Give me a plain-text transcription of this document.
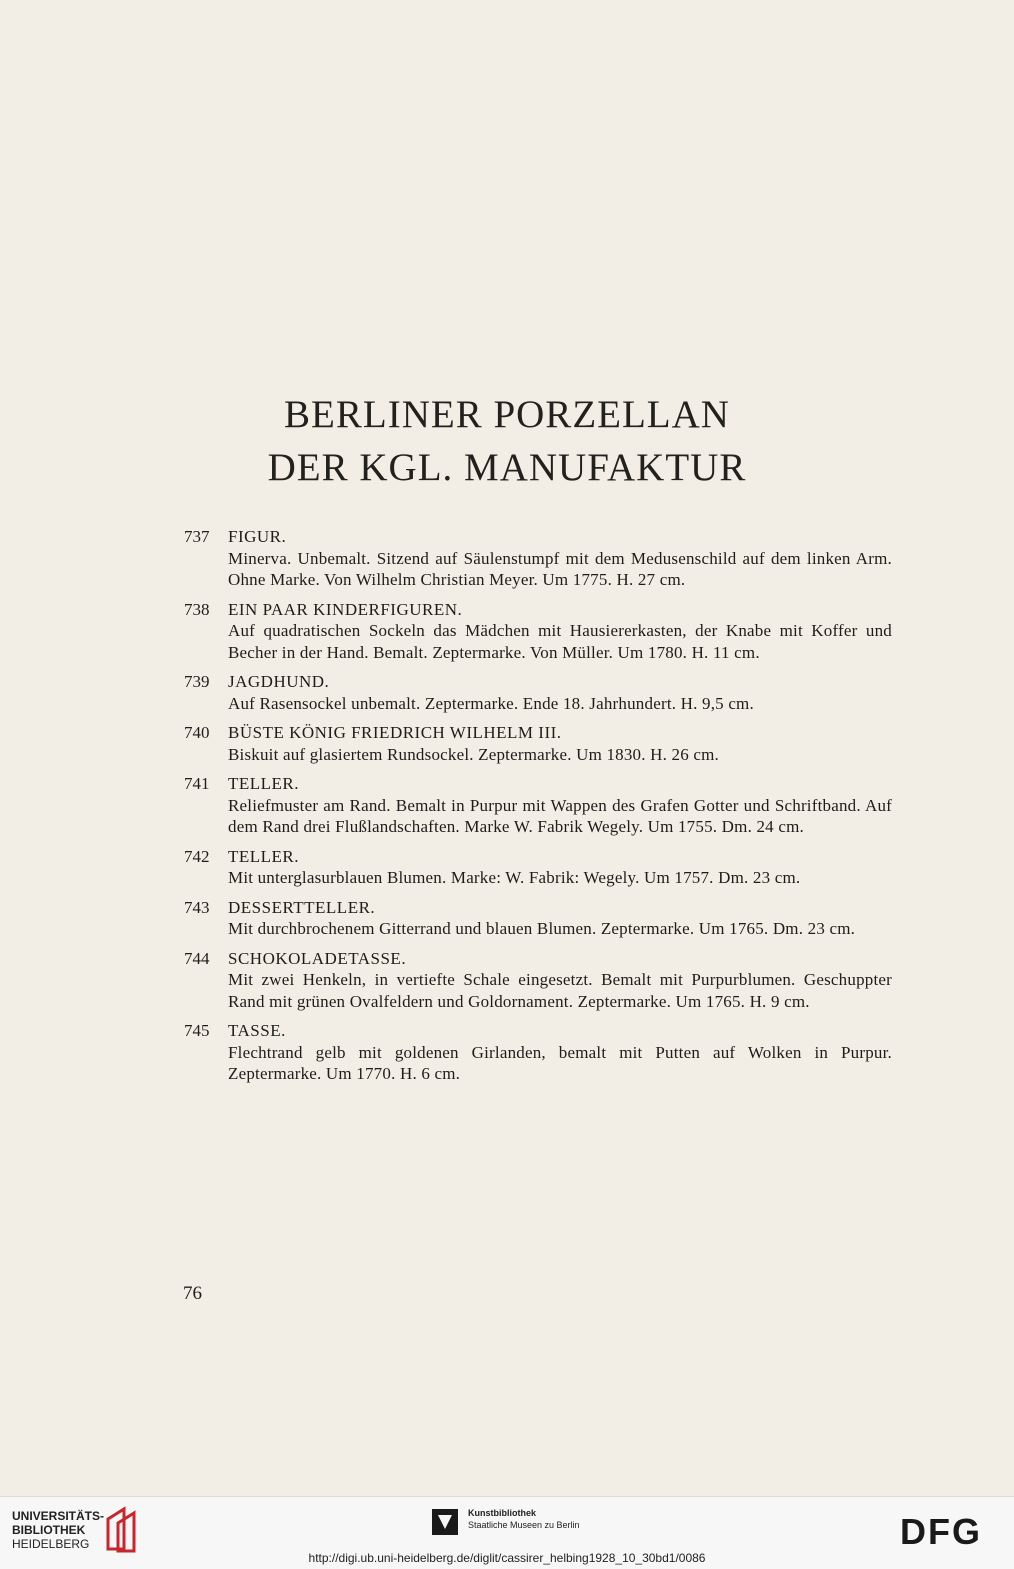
BERLINER PORZELLAN
DER KGL. MANUFAKTUR
737 FIGUR.
Minerva. Unbemalt. Sitzend auf Säulenstumpf mit dem Medusenschild auf dem linken Arm. Ohne Marke. Von Wilhelm Christian Meyer. Um 1775. H. 27 cm.
738 EIN PAAR KINDERFIGUREN.
Auf quadratischen Sockeln das Mädchen mit Hausiererkasten, der Knabe mit Koffer und Becher in der Hand. Bemalt. Zeptermarke. Von Müller. Um 1780. H. 11 cm.
739 JAGDHUND.
Auf Rasensockel unbemalt. Zeptermarke. Ende 18. Jahrhundert. H. 9,5 cm.
740 BÜSTE KÖNIG FRIEDRICH WILHELM III.
Biskuit auf glasiertem Rundsockel. Zeptermarke. Um 1830. H. 26 cm.
741 TELLER.
Reliefmuster am Rand. Bemalt in Purpur mit Wappen des Grafen Gotter und Schriftband. Auf dem Rand drei Flußlandschaften. Marke W. Fabrik Wegely. Um 1755. Dm. 24 cm.
742 TELLER.
Mit unterglasurblauen Blumen. Marke: W. Fabrik: Wegely. Um 1757. Dm. 23 cm.
743 DESSERTTELLER.
Mit durchbrochenem Gitterrand und blauen Blumen. Zeptermarke. Um 1765. Dm. 23 cm.
744 SCHOKOLADETASSE.
Mit zwei Henkeln, in vertiefte Schale eingesetzt. Bemalt mit Purpurblumen. Geschuppter Rand mit grünen Ovalfeldern und Goldornament. Zeptermarke. Um 1765. H. 9 cm.
745 TASSE.
Flechtrand gelb mit goldenen Girlanden, bemalt mit Putten auf Wolken in Purpur. Zeptermarke. Um 1770. H. 6 cm.
76
UNIVERSITÄTS-
BIBLIOTHEK
HEIDELBERG
Kunstbibliothek
Staatliche Museen zu Berlin	DFG
http://digi.ub.uni-heidelberg.de/diglit/cassirer_helbing1928_10_30bd1/0086
